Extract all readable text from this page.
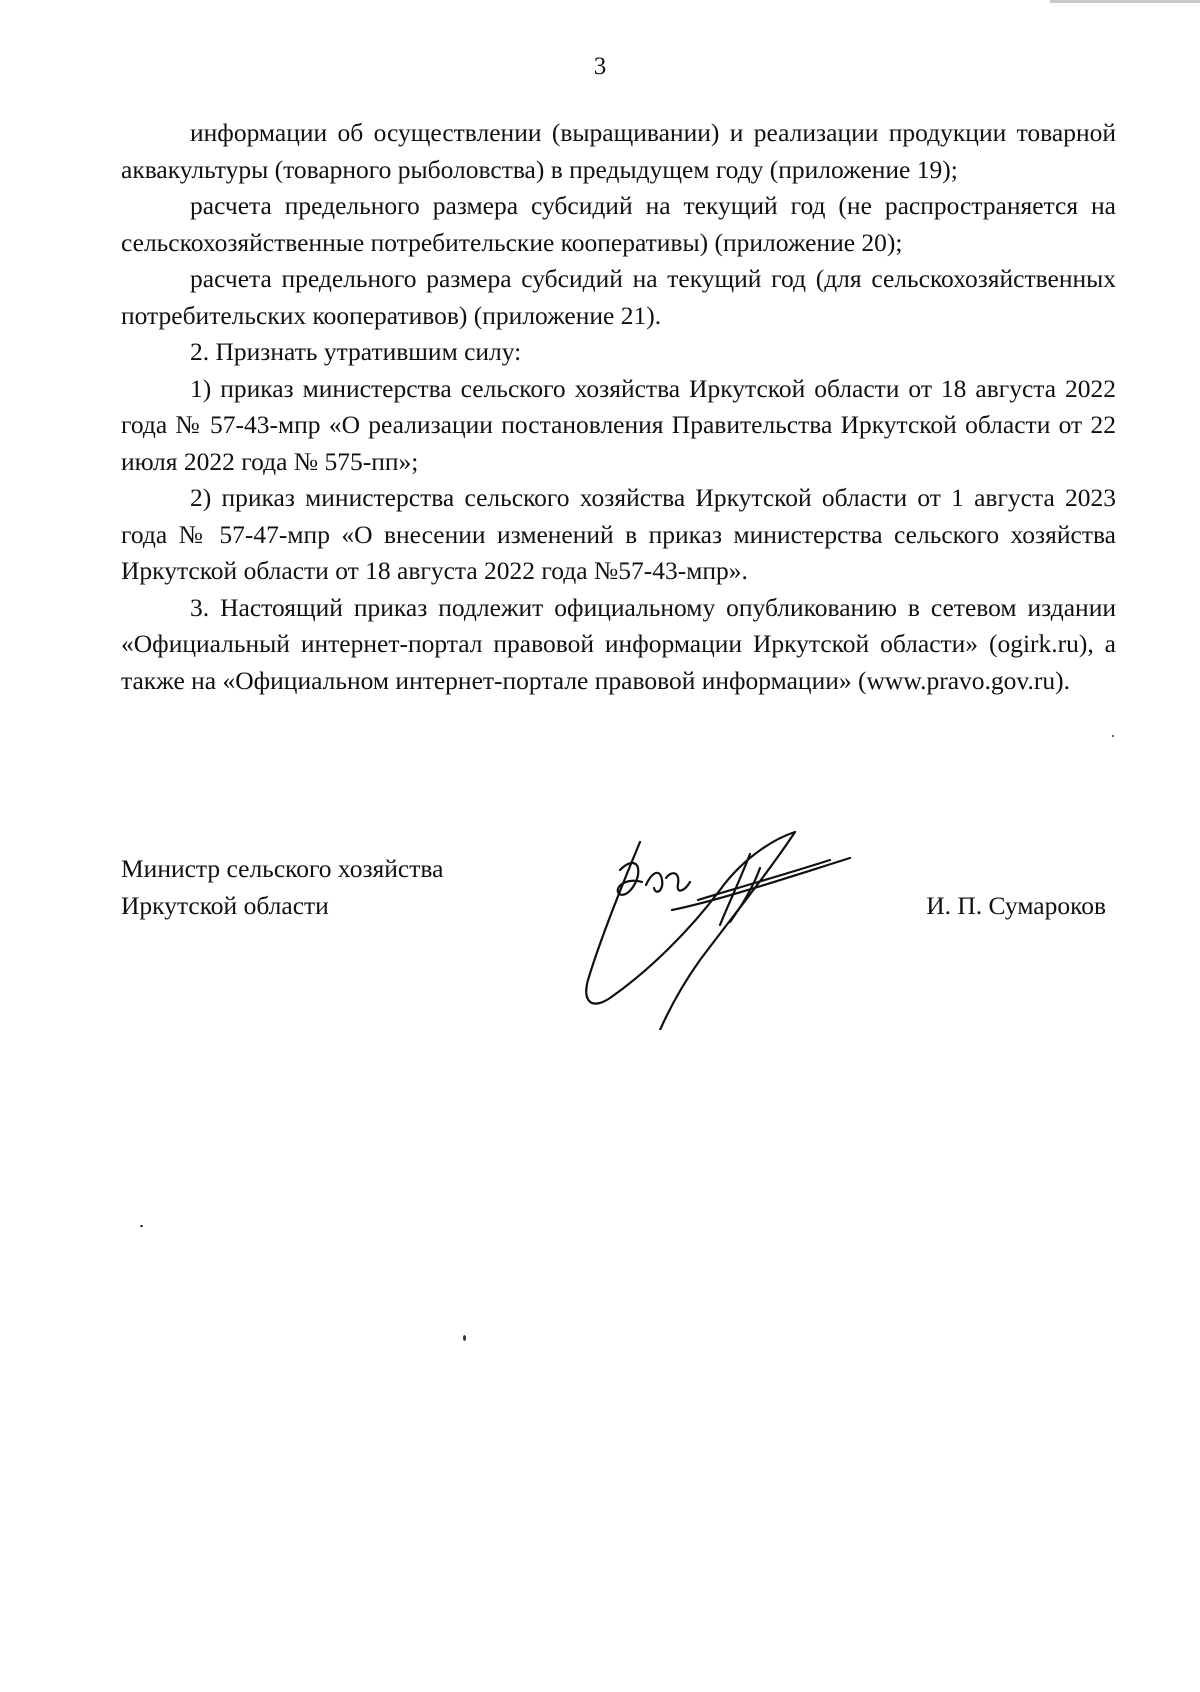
3

информации об осуществлении (выращивании) и реализации продукции товарной аквакультуры (товарного рыболовства) в предыдущем году (приложение 19);

расчета предельного размера субсидий на текущий год (не распространяется на сельскохозяйственные потребительские кооперативы) (приложение 20);

расчета предельного размера субсидий на текущий год (для сельскохозяйственных потребительских кооперативов) (приложение 21).

2. Признать утратившим силу:

1) приказ министерства сельского хозяйства Иркутской области от 18 августа 2022 года № 57-43-мпр «О реализации постановления Правительства Иркутской области от 22 июля 2022 года № 575-пп»;

2) приказ министерства сельского хозяйства Иркутской области от 1 августа 2023 года № 57-47-мпр «О внесении изменений в приказ министерства сельского хозяйства Иркутской области от 18 августа 2022 года №57-43-мпр».

3. Настоящий приказ подлежит официальному опубликованию в сетевом издании «Официальный интернет-портал правовой информации Иркутской области» (ogirk.ru), а также на «Официальном интернет-портале правовой информации» (www.pravo.gov.ru).

Министр сельского хозяйства
Иркутской области	И. П. Сумароков
